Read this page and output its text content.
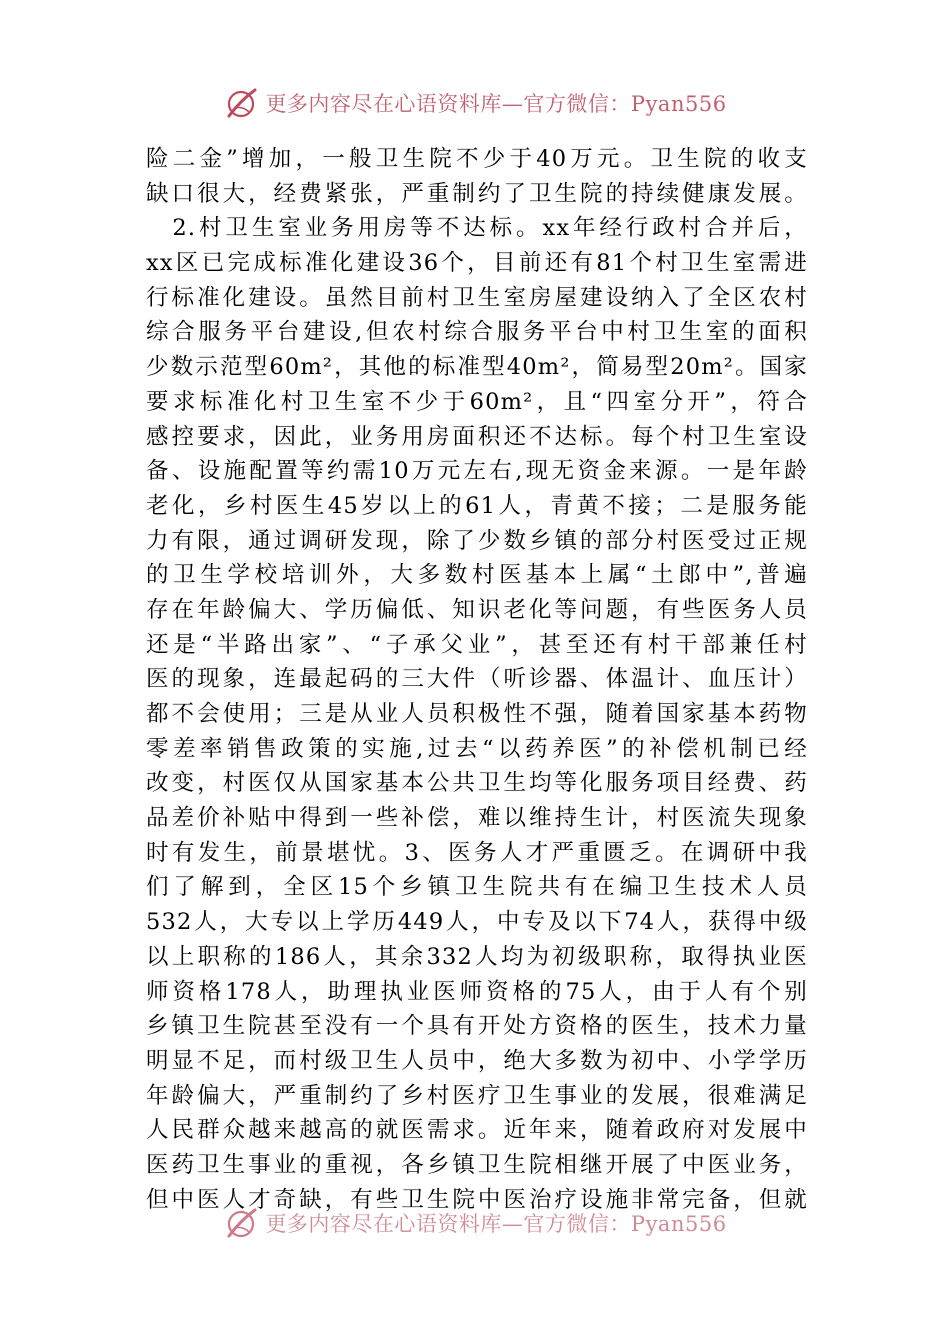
更多内容尽在心语资料库—官方微信：Pyan556
险二金”增加，一般卫生院不少于40万元。卫生院的收支
缺口很大，经费紧张，严重制约了卫生院的持续健康发展。
　2.村卫生室业务用房等不达标。xx年经行政村合并后，
xx区已完成标准化建设36个，目前还有81个村卫生室需进
行标准化建设。虽然目前村卫生室房屋建设纳入了全区农村
综合服务平台建设,但农村综合服务平台中村卫生室的面积
少数示范型60m²，其他的标准型40m²，简易型20m²。国家
要求标准化村卫生室不少于60m²，且“四室分开”，符合
感控要求，因此，业务用房面积还不达标。每个村卫生室设
备、设施配置等约需10万元左右,现无资金来源。一是年龄
老化，乡村医生45岁以上的61人，青黄不接；二是服务能
力有限，通过调研发现，除了少数乡镇的部分村医受过正规
的卫生学校培训外，大多数村医基本上属“土郎中”,普遍
存在年龄偏大、学历偏低、知识老化等问题，有些医务人员
还是“半路出家”、“子承父业”，甚至还有村干部兼任村
医的现象，连最起码的三大件（听诊器、体温计、血压计）
都不会使用；三是从业人员积极性不强，随着国家基本药物
零差率销售政策的实施,过去“以药养医”的补偿机制已经
改变，村医仅从国家基本公共卫生均等化服务项目经费、药
品差价补贴中得到一些补偿，难以维持生计，村医流失现象
时有发生，前景堪忧。3、医务人才严重匮乏。在调研中我
们了解到，全区15个乡镇卫生院共有在编卫生技术人员
532人，大专以上学历449人，中专及以下74人，获得中级
以上职称的186人，其余332人均为初级职称，取得执业医
师资格178人，助理执业医师资格的75人，由于人有个别
乡镇卫生院甚至没有一个具有开处方资格的医生，技术力量
明显不足，而村级卫生人员中，绝大多数为初中、小学学历
年龄偏大，严重制约了乡村医疗卫生事业的发展，很难满足
人民群众越来越高的就医需求。近年来，随着政府对发展中
医药卫生事业的重视，各乡镇卫生院相继开展了中医业务，
但中医人才奇缺，有些卫生院中医治疗设施非常完备，但就
更多内容尽在心语资料库—官方微信：Pyan556
